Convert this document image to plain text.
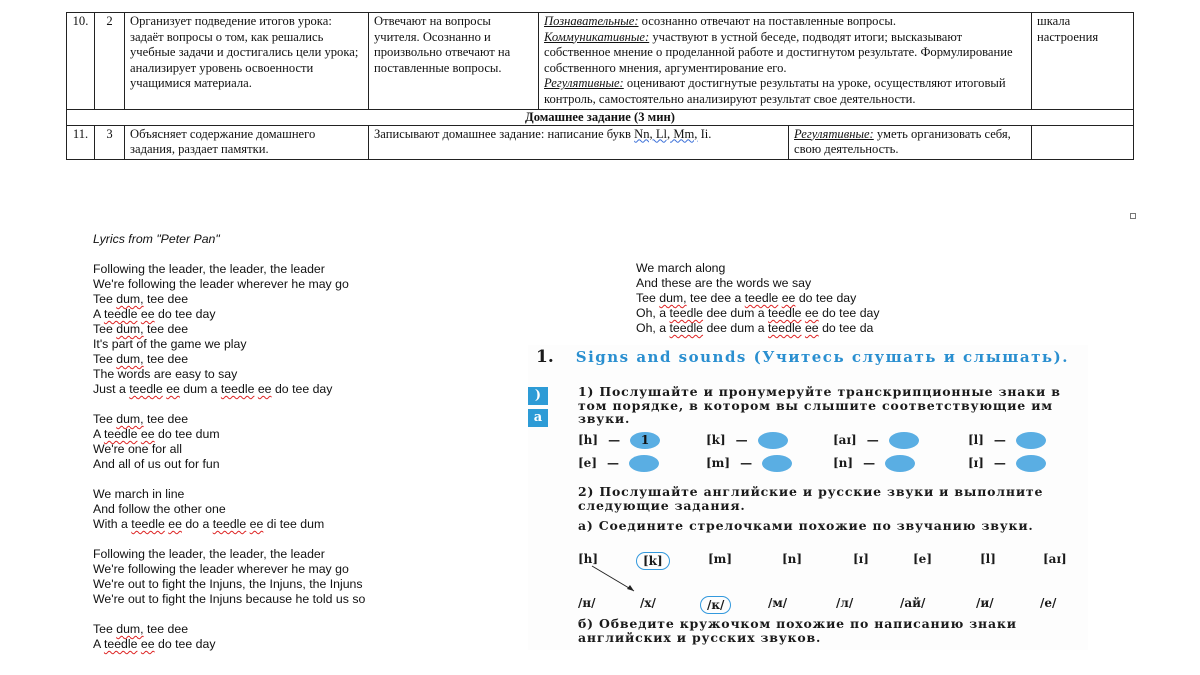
10.	2	Организует подведение итогов урока: задаёт вопросы о том, как решались учебные задачи и достигались цели урока; анализирует уровень освоенности учащимися материала.	Отвечают на вопросы учителя. Осознанно и произвольно отвечают на поставленные вопросы.	Познавательные: осознанно отвечают на поставленные вопросы.
Коммуникативные: участвуют в устной беседе, подводят итоги; высказывают собственное мнение о проделанной работе и достигнутом результате. Формулирование собственного мнения, аргументирование его.
Регулятивные: оценивают достигнутые результаты на уроке, осуществляют итоговый контроль, самостоятельно анализируют результат свое деятельности.		шкала настроения
Домашнее задание (3 мин)						
11.	3	Объясняет содержание домашнего задания, раздает памятки.	Записывают домашнее задание: написание букв Nn, Ll, Mm, Ii.		Регулятивные: уметь организовать себя, свою деятельность.	
Lyrics from "Peter Pan"
Following the leader, the leader, the leader
We're following the leader wherever he may go
Tee dum, tee dee
A teedle ee do tee day
Tee dum, tee dee
It's part of the game we play
Tee dum, tee dee
The words are easy to say
Just a teedle ee dum a teedle ee do tee day
Tee dum, tee dee
A teedle ee do tee dum
We're one for all
And all of us out for fun
We march in line
And follow the other one
With a teedle ee do a teedle ee di tee dum
Following the leader, the leader, the leader
We're following the leader wherever he may go
We're out to fight the Injuns, the Injuns, the Injuns
We're out to fight the Injuns because he told us so
Tee dum, tee dee
A teedle ee do tee day
We march along
And these are the words we say
Tee dum, tee dee a teedle ee do tee day
Oh, a teedle dee dum a teedle ee do tee day
Oh, a teedle dee dum a teedle ee do tee da
1. Signs and sounds (Учитесь слушать и слышать).
)
a
1) Послушайте и пронумеруйте транскрипционные знаки в том порядке, в котором вы слышите соответствующие им звуки.
[h] —	1	[k] —	[aɪ] —	[l] —
[e] —	[m] —	[n] —	[ɪ] —
2) Послушайте английские и русские звуки и выполните следующие задания.
а) Соедините стрелочками похожие по звучанию звуки.
[h]	[k]	[m]	[n]	[ɪ]	[e]	[l]	[aɪ]
/н/	/х/	/к/	/м/	/л/	/ай/	/и/	/е/
б) Обведите кружочком похожие по написанию знаки английских и русских звуков.
